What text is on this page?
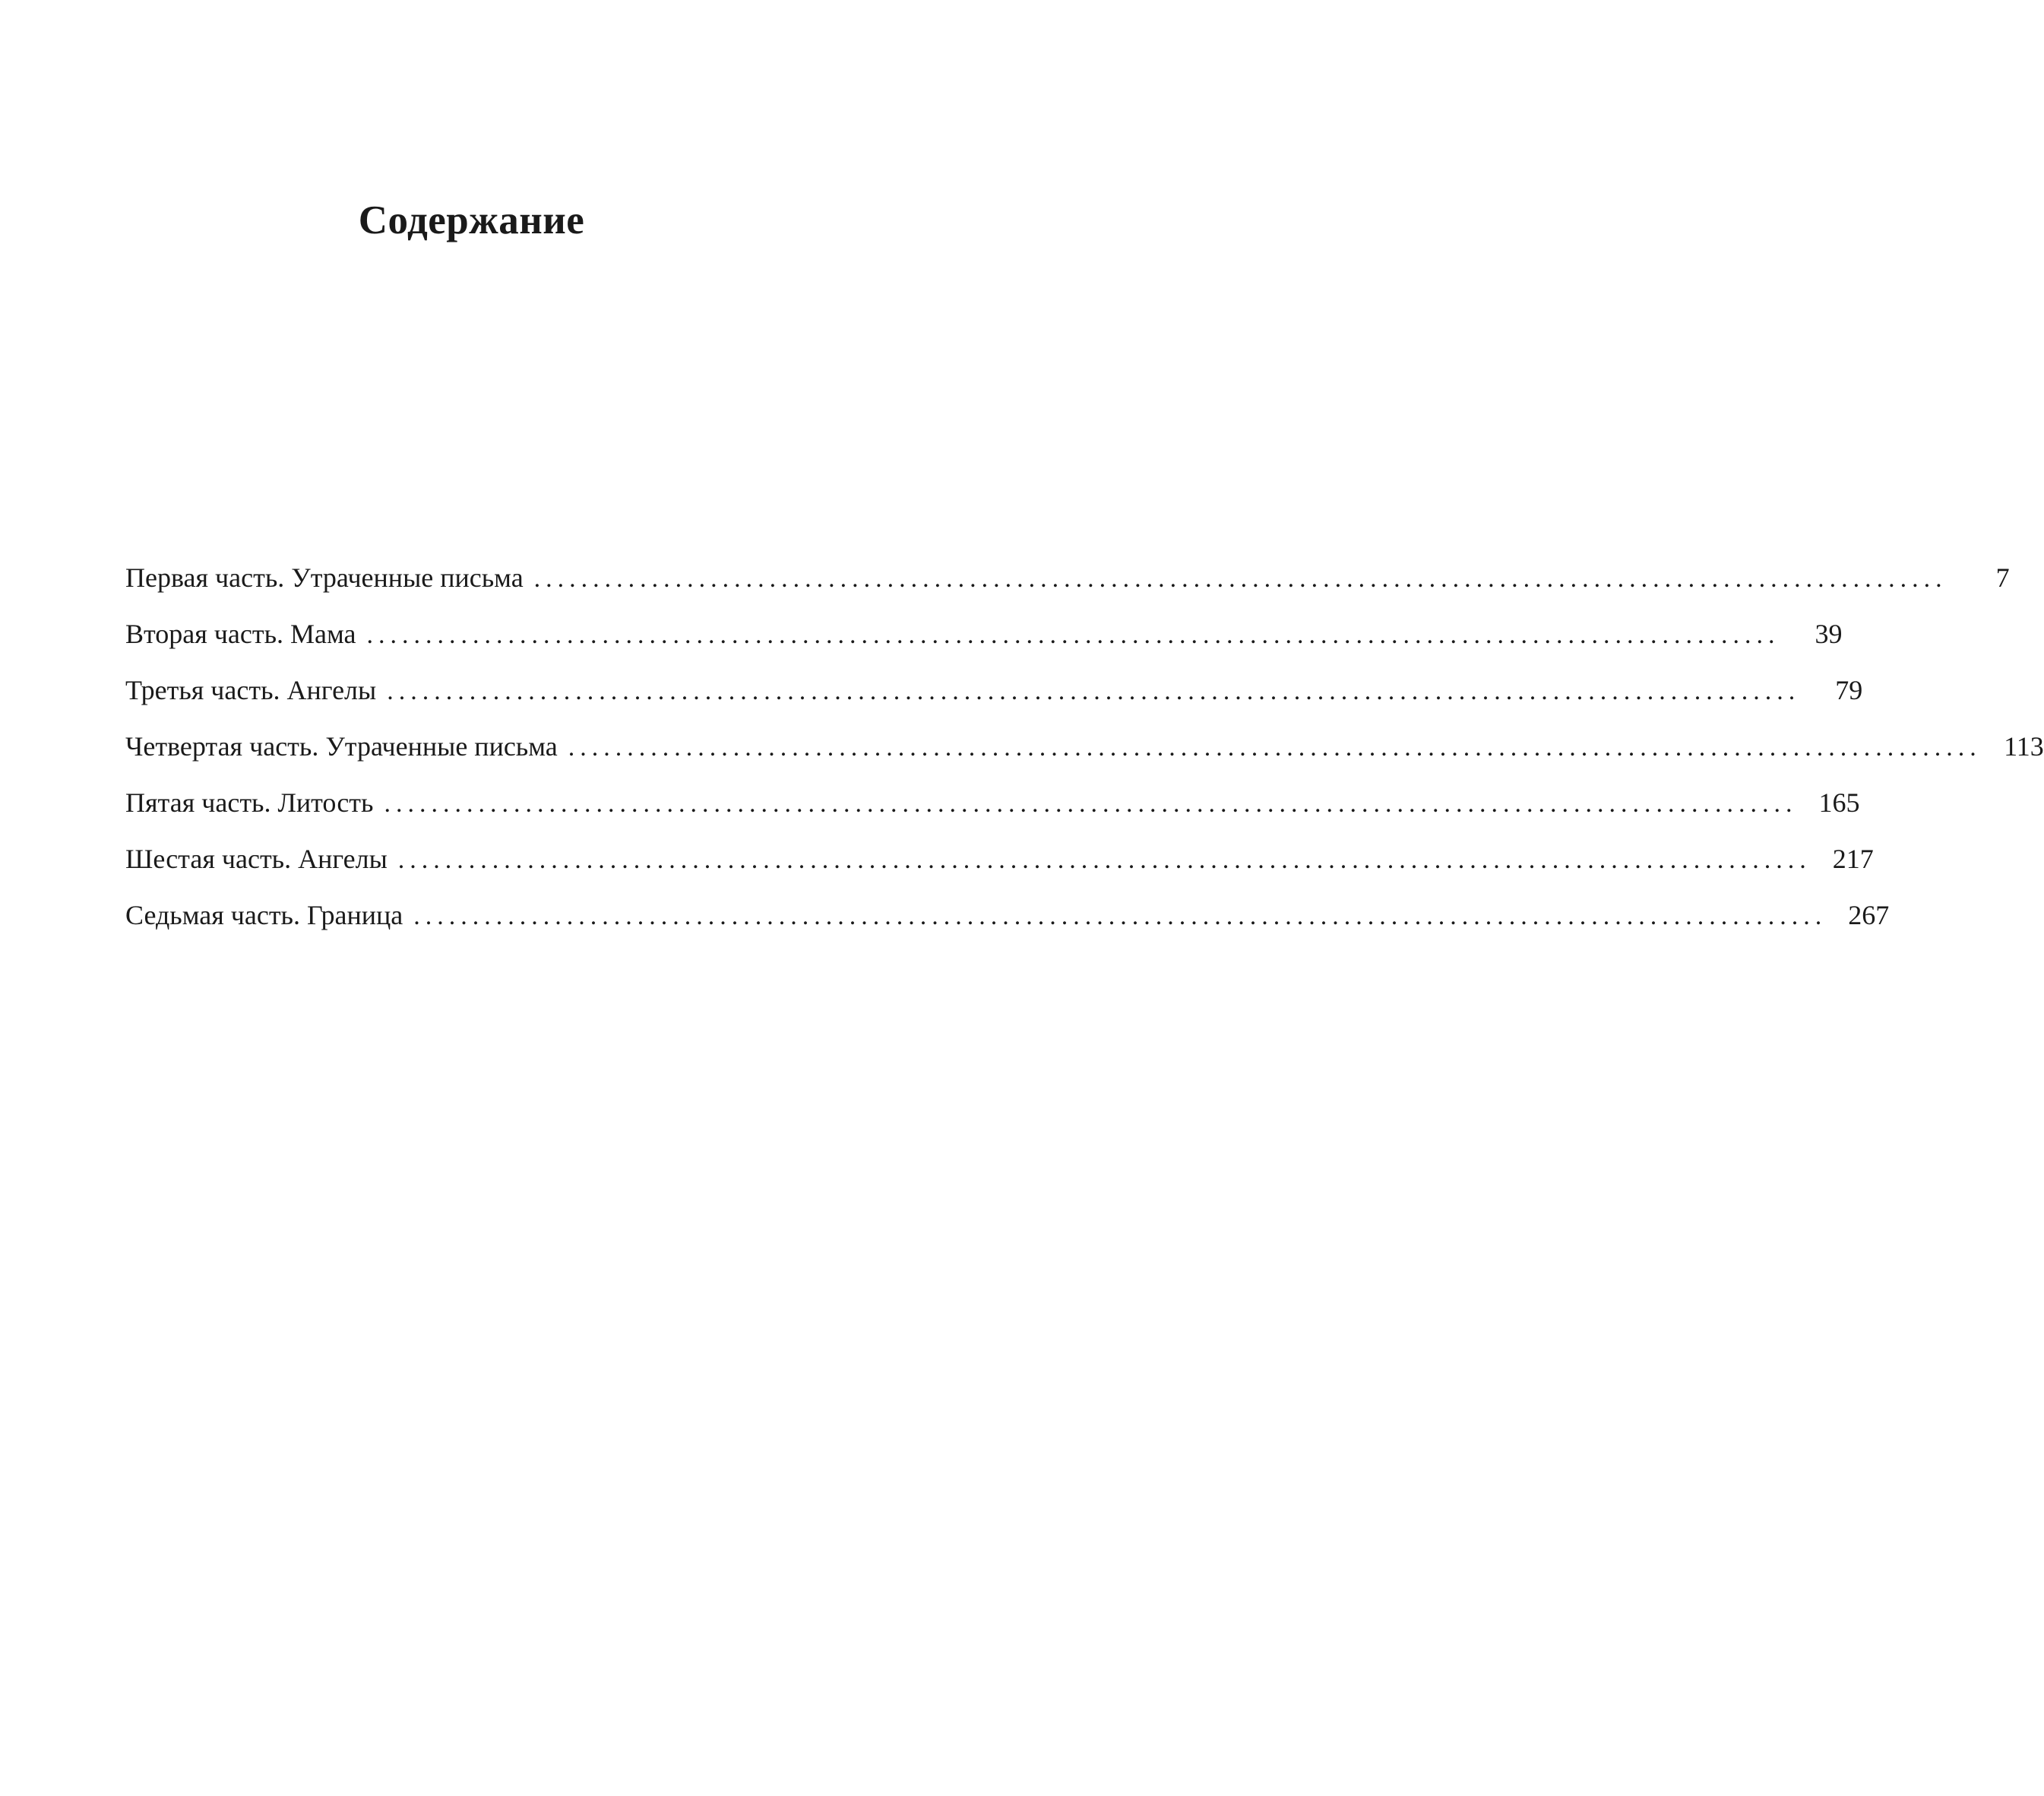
Содержание
Первая часть. Утраченные письма ........................................................................................................................	7
Вторая часть. Мама ........................................................................................................................	39
Третья часть. Ангелы ........................................................................................................................	79
Четвертая часть. Утраченные письма ........................................................................................................................ 113
Пятая часть. Литость ........................................................................................................................ 165
Шестая часть. Ангелы ........................................................................................................................ 217
Седьмая часть. Граница ........................................................................................................................ 267
